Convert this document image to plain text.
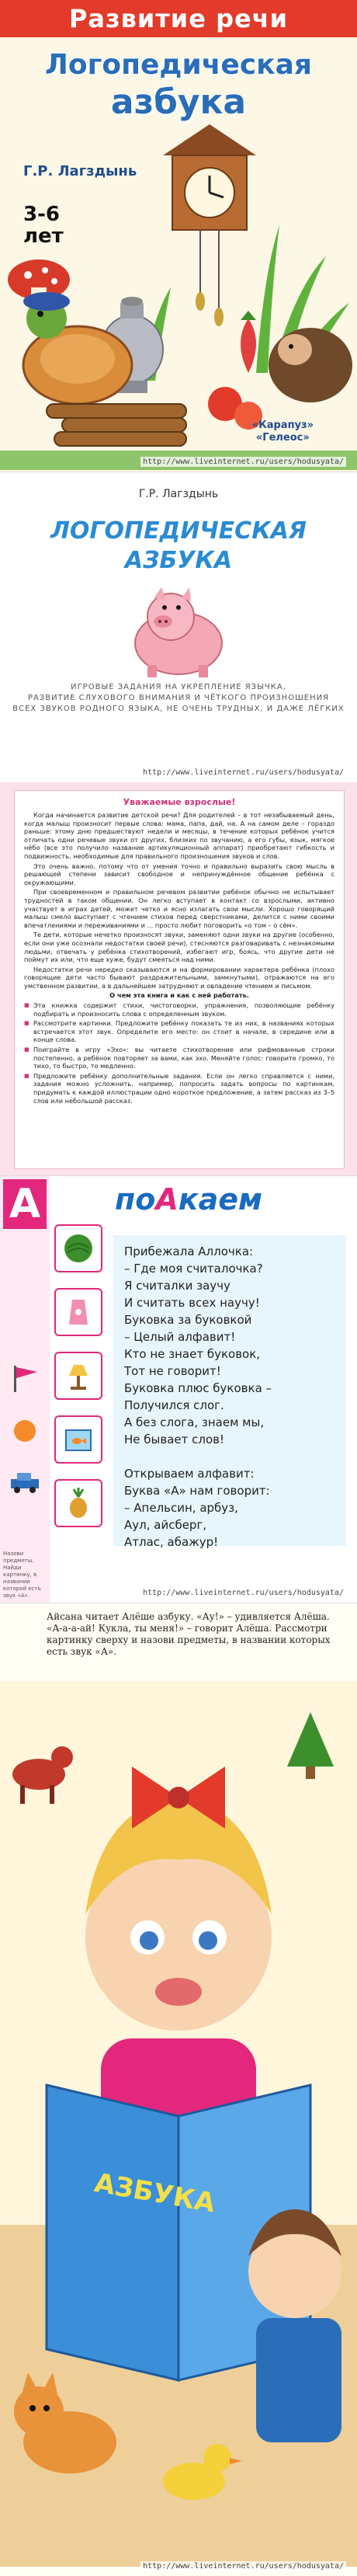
Развитие речи
Логопедическая
азбука
Г.Р. Лагздынь
3-6
лет
«Карапуз»
«Гелеос»
http://www.liveinternet.ru/users/hodusyata/
Г.Р. Лагздынь
ЛОГОПЕДИЧЕСКАЯ
АЗБУКА
ИГРОВЫЕ ЗАДАНИЯ НА УКРЕПЛЕНИЕ ЯЗЫЧКА,
РАЗВИТИЕ СЛУХОВОГО ВНИМАНИЯ И ЧЁТКОГО ПРОИЗНОШЕНИЯ
ВСЕХ ЗВУКОВ РОДНОГО ЯЗЫКА, НЕ ОЧЕНЬ ТРУДНЫХ, И ДАЖЕ ЛЁГКИХ
http://www.liveinternet.ru/users/hodusyata/
Уважаемые взрослые!

Когда начинается развитие детской речи? Для родителей – в тот незабываемый день, когда малыш произносит первые слова: мама, папа, дай, на. А на самом деле – гораздо раньше: этому дню предшествуют недели и месяцы, в течение которых ребёнок учится отличать одни речевые звуки от других, близких по звучанию, а его губы, язык, мягкое нёбо (все это получило название артикуляционный аппарат) приобретают гибкость и подвижность, необходимые для правильного произношения звуков и слов.

Это очень важно, потому что от умения точно и правильно выразить свою мысль в решающей степени зависит свободное и непринуждённое общение ребёнка с окружающими.

При своевременном и правильном речевом развитии ребёнок обычно не испытывает трудностей в таком общении. Он легко вступает в контакт со взрослыми, активно участвует в играх детей, может четко и ясно излагать свои мысли. Хорошо говорящий малыш смело выступает с чтением стихов перед сверстниками, делится с ними своими впечатлениями и переживаниями и ... просто любит поговорить «о том – о сём».

Те дети, которые нечетко произносят звуки, заменяют одни звуки на другие (особенно, если они уже осознали недостатки своей речи), стесняются разговаривать с незнакомыми людьми, отвечать у ребёнка стихотворений, избегают игр, боясь, что другие дети не поймут их или, что еще хуже, будут смеяться над ними.

Недостатки речи нередко сказываются и на формировании характера ребёнка (плохо говорящие дети часто бывают раздражительными, замкнутыми), отражаются на его умственном развитии, а в дальнейшем затрудняют и овладение чтением и письмом.

О чем эта книга и как с ней работать.

■ Эта книжка содержит стихи, чистоговорки, упражнения, позволяющие ребёнку подбирать и произносить слова с определенным звуком.

■ Рассмотрите картинки. Предложите ребёнку показать те из них, в названиях которых встречается этот звук. Определите его место: он стоит в начале, в середине или в конце слова.

■ Поиграйте в игру «Эхо»: вы читаете стихотворение или рифмованные строки постепенно, а ребёнок повторяет за вами, как эхо. Меняйте голос: говорите громко, то тихо, то быстро, то медленно.

■ Предложите ребёнку дополнительные задания. Если он легко справляется с ними, задания можно усложнить, например, попросить задать вопросы по картинкам, придумать к каждой иллюстрации одно короткое предложение, а затем рассказ из 3–5 слов или небольшой рассказ.

А	поАкаем

Прибежала Аллочка:
– Где моя считалочка?
Я считалки заучу
И считать всех научу!
Буковка за буковкой
– Целый алфавит!
Кто не знает буковок,
Тот не говорит!
Буковка плюс буковка –
Получился слог.
А без слога, знаем мы,
Не бывает слов!

Открываем алфавит:
Буква «А» нам говорит:
– Апельсин, арбуз,
Аул, айсберг,
Атлас, абажур!
Назови предметы. Найди картинку, в названии которой есть звук «А».	http://www.liveinternet.ru/users/hodusyata/
Айсана читает Алёше азбуку. «Ау!» – удивляется Алёша. «А-а-а-ай! Кукла, ты меня!» – говорит Алёша. Рассмотри картинку сверху и назови предметы, в названии которых есть звук «А».
АЗБУКА
http://www.liveinternet.ru/users/hodusyata/
